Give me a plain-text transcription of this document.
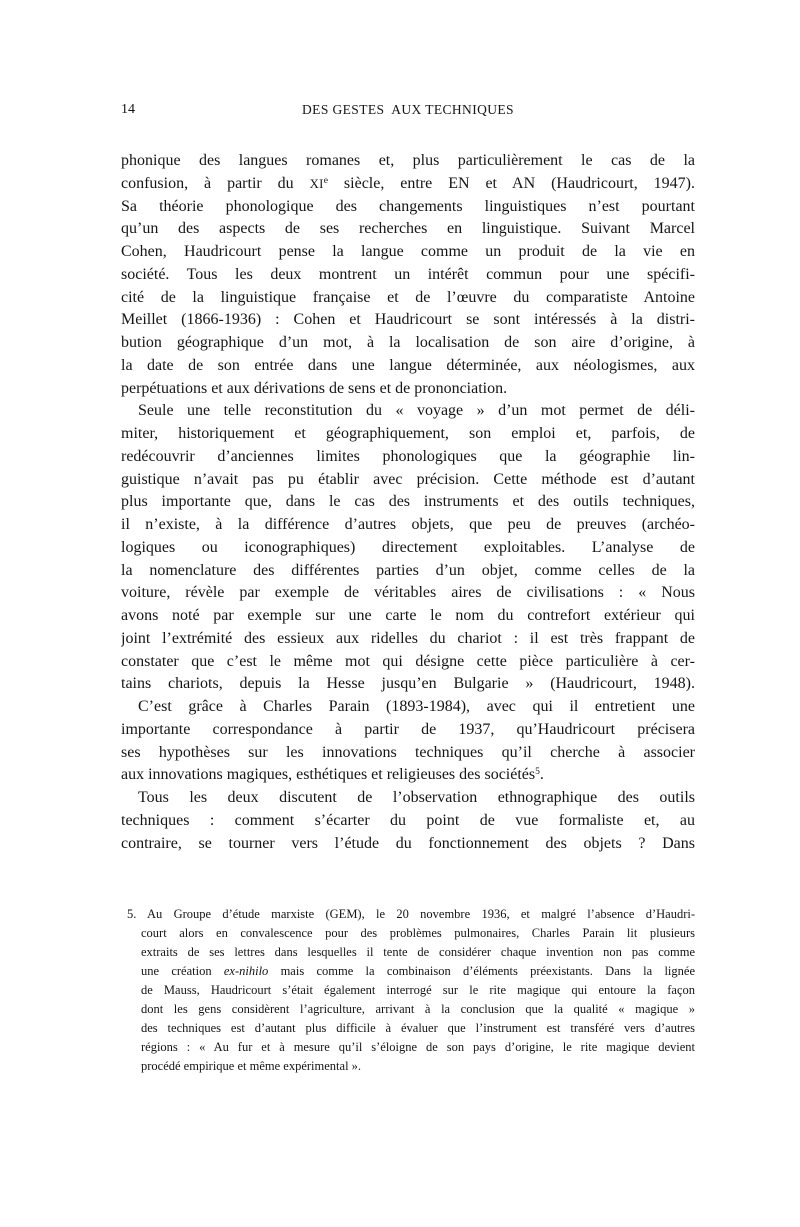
14	DES GESTES  AUX TECHNIQUES
phonique des langues romanes et, plus particulièrement le cas de la
confusion, à partir du XIe siècle, entre EN et AN (Haudricourt, 1947).
Sa théorie phonologique des changements linguistiques n’est pourtant
qu’un des aspects de ses recherches en linguistique. Suivant Marcel
Cohen, Haudricourt pense la langue comme un produit de la vie en
société. Tous les deux montrent un intérêt commun pour une spécifi-
cité de la linguistique française et de l’œuvre du comparatiste Antoine
Meillet (1866-1936) : Cohen et Haudricourt se sont intéressés à la distri-
bution géographique d’un mot, à la localisation de son aire d’origine, à
la date de son entrée dans une langue déterminée, aux néologismes, aux
perpétuations et aux dérivations de sens et de prononciation.
Seule une telle reconstitution du « voyage » d’un mot permet de déli-
miter, historiquement et géographiquement, son emploi et, parfois, de
redécouvrir d’anciennes limites phonologiques que la géographie lin-
guistique n’avait pas pu établir avec précision. Cette méthode est d’autant
plus importante que, dans le cas des instruments et des outils techniques,
il n’existe, à la différence d’autres objets, que peu de preuves (archéo-
logiques ou iconographiques) directement exploitables. L’analyse de
la nomenclature des différentes parties d’un objet, comme celles de la
voiture, révèle par exemple de véritables aires de civilisations : « Nous
avons noté par exemple sur une carte le nom du contrefort extérieur qui
joint l’extrémité des essieux aux ridelles du chariot : il est très frappant de
constater que c’est le même mot qui désigne cette pièce particulière à cer-
tains chariots, depuis la Hesse jusqu’en Bulgarie » (Haudricourt, 1948).
C’est grâce à Charles Parain (1893-1984), avec qui il entretient une
importante correspondance à partir de 1937, qu’Haudricourt précisera
ses hypothèses sur les innovations techniques qu’il cherche à associer
aux innovations magiques, esthétiques et religieuses des sociétés$^5$.
Tous les deux discutent de l’observation ethnographique des outils
techniques : comment s’écarter du point de vue formaliste et, au
contraire, se tourner vers l’étude du fonctionnement des objets ? Dans
5. Au Groupe d’étude marxiste (GEM), le 20 novembre 1936, et malgré l’absence d’Haudri-
court alors en convalescence pour des problèmes pulmonaires, Charles Parain lit plusieurs
extraits de ses lettres dans lesquelles il tente de considérer chaque invention non pas comme
une création ex-nihilo mais comme la combinaison d’éléments préexistants. Dans la lignée
de Mauss, Haudricourt s’était également interrogé sur le rite magique qui entoure la façon
dont les gens considèrent l’agriculture, arrivant à la conclusion que la qualité « magique »
des techniques est d’autant plus difficile à évaluer que l’instrument est transféré vers d’autres
régions : « Au fur et à mesure qu’il s’éloigne de son pays d’origine, le rite magique devient
procédé empirique et même expérimental ».
